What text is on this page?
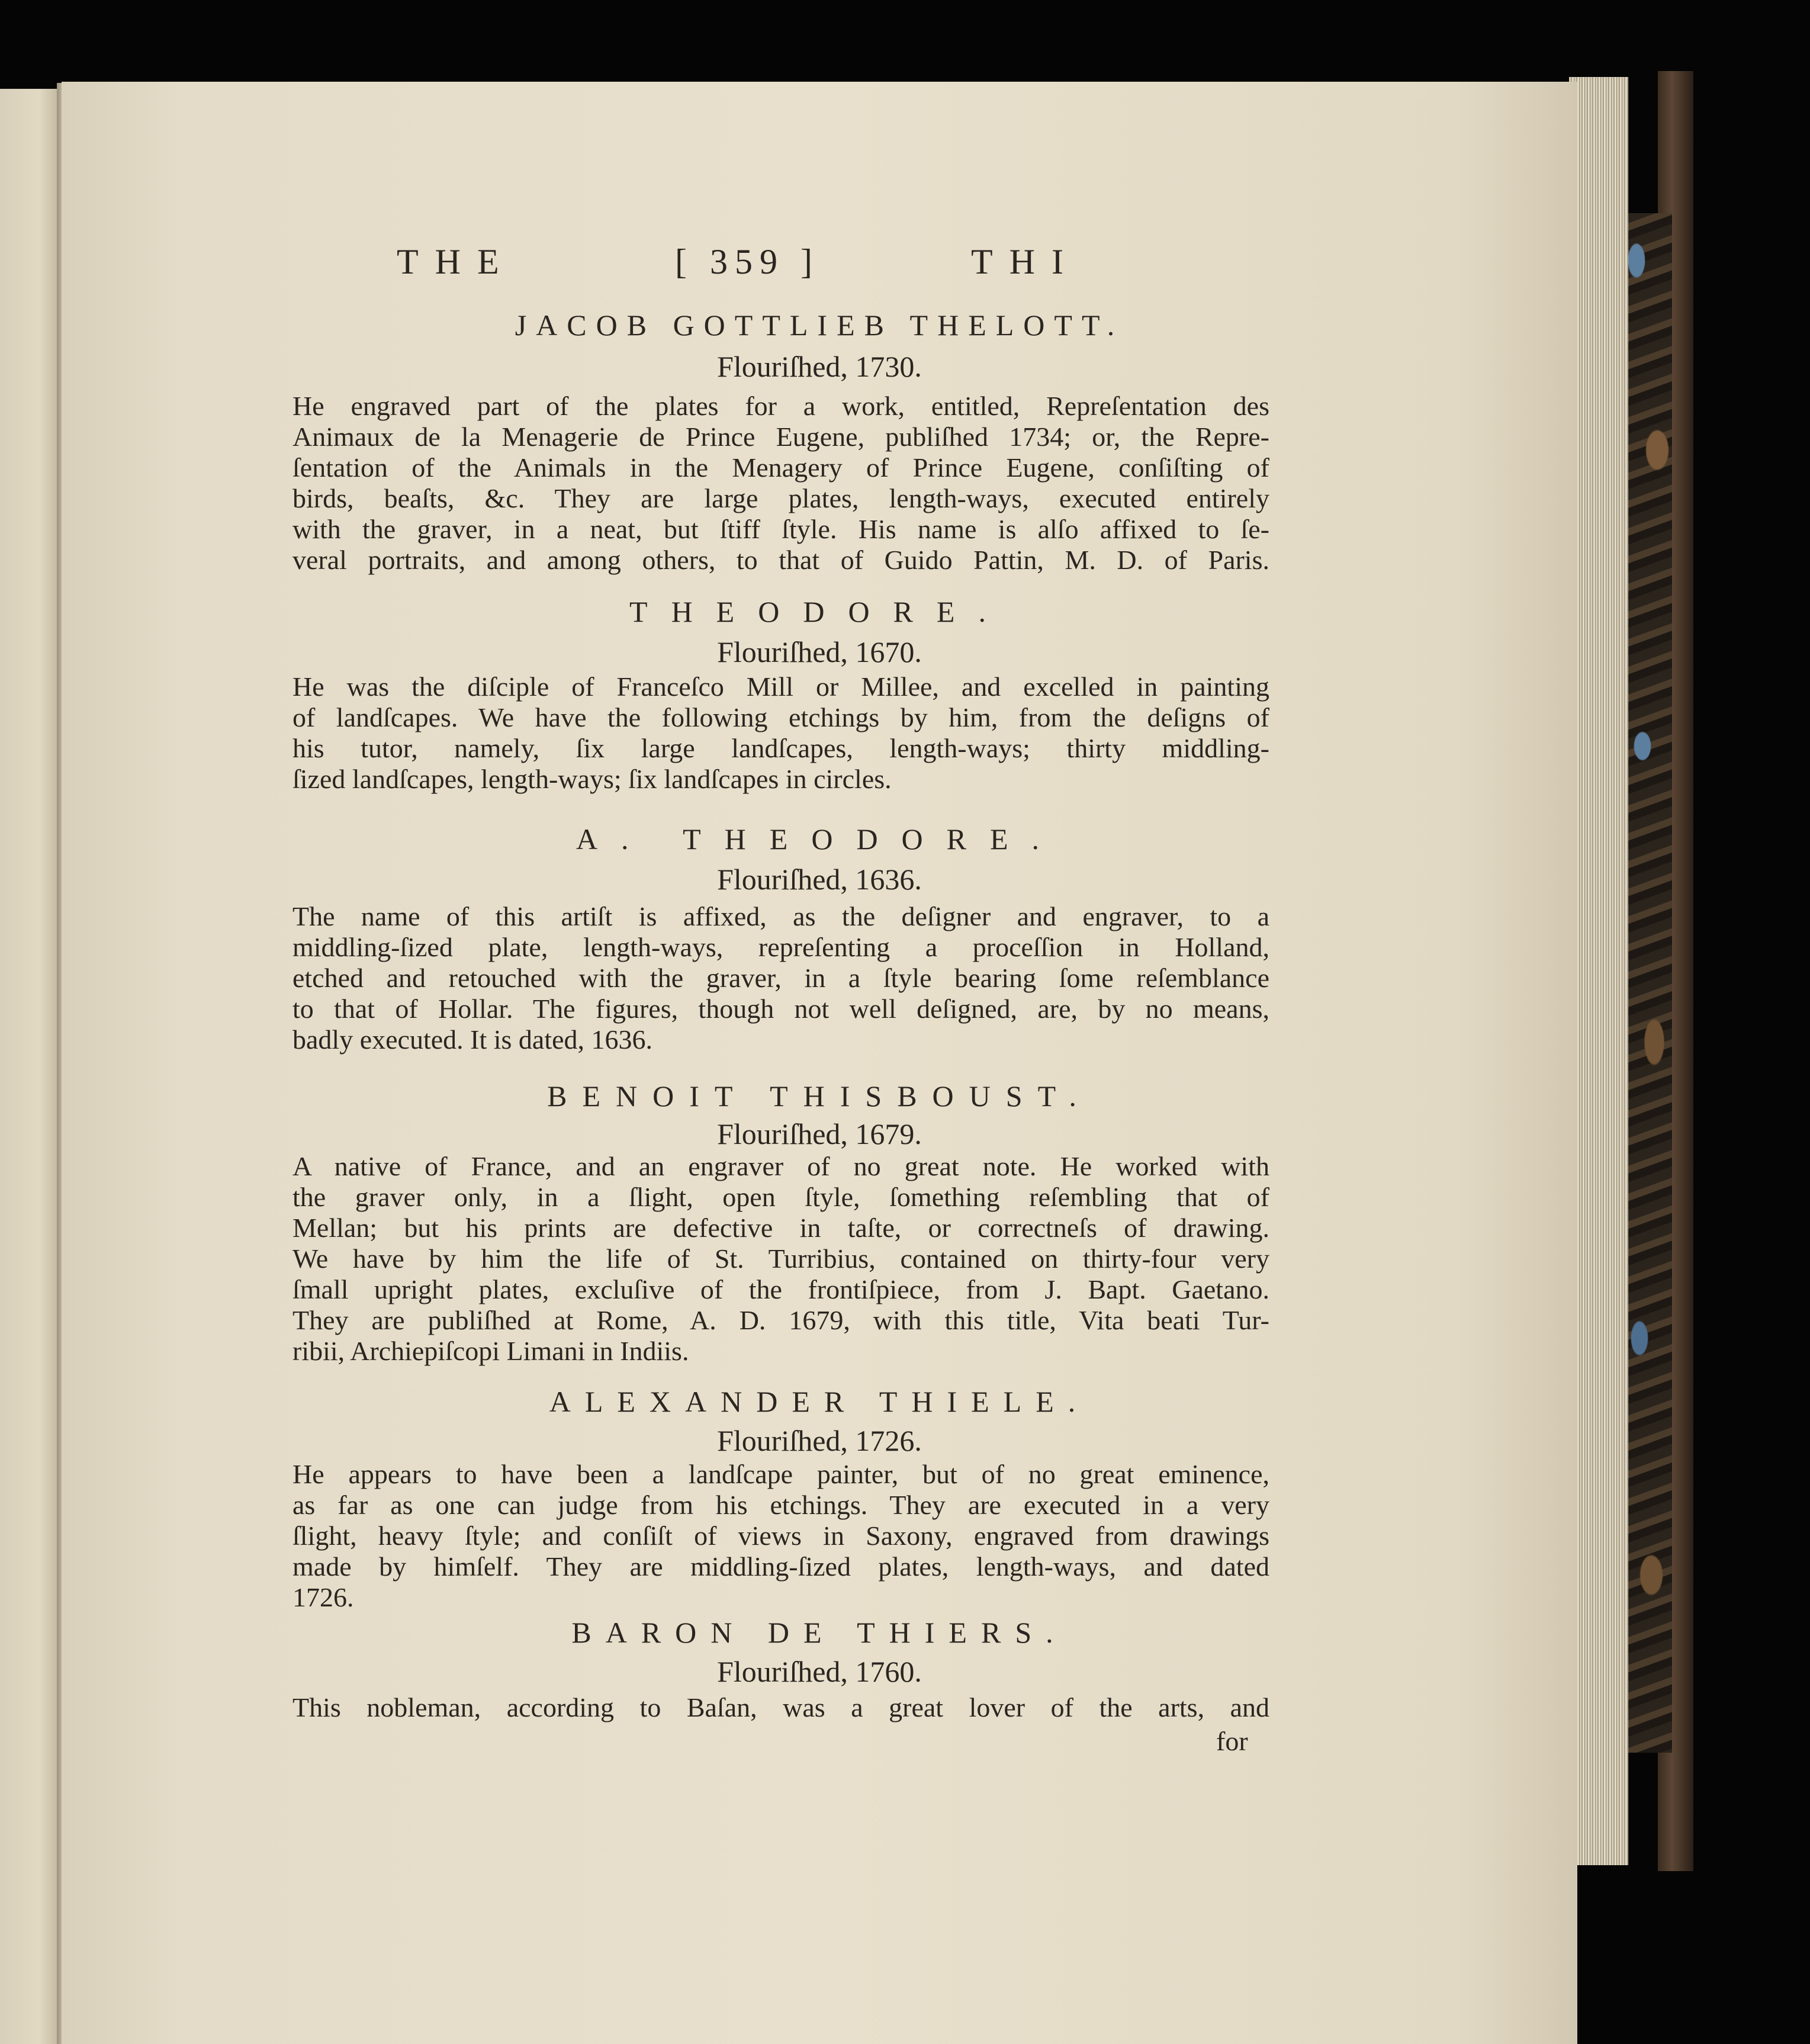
THE	[ 359 ]	THI
JACOB GOTTLIEB THELOTT.
Flouriſhed, 1730.
He engraved part of the plates for a work, entitled, Repreſentation des
Animaux de la Menagerie de Prince Eugene, publiſhed 1734; or, the Repre-
ſentation of the Animals in the Menagery of Prince Eugene, conſiſting of
birds, beaſts, &c. They are large plates, length-ways, executed entirely
with the graver, in a neat, but ſtiff ſtyle. His name is alſo affixed to ſe-
veral portraits, and among others, to that of Guido Pattin, M. D. of Paris.
THEODORE.
Flouriſhed, 1670.
He was the diſciple of Franceſco Mill or Millee, and excelled in painting
of landſcapes. We have the following etchings by him, from the deſigns of
his tutor, namely, ſix large landſcapes, length-ways; thirty middling-
ſized landſcapes, length-ways; ſix landſcapes in circles.
A. THEODORE.
Flouriſhed, 1636.
The name of this artiſt is affixed, as the deſigner and engraver, to a
middling-ſized plate, length-ways, repreſenting a proceſſion in Holland,
etched and retouched with the graver, in a ſtyle bearing ſome reſemblance
to that of Hollar. The figures, though not well deſigned, are, by no means,
badly executed. It is dated, 1636.
BENOIT THISBOUST.
Flouriſhed, 1679.
A native of France, and an engraver of no great note. He worked with
the graver only, in a ſlight, open ſtyle, ſomething reſembling that of
Mellan; but his prints are defective in taſte, or correctneſs of drawing.
We have by him the life of St. Turribius, contained on thirty-four very
ſmall upright plates, excluſive of the frontiſpiece, from J. Bapt. Gaetano.
They are publiſhed at Rome, A. D. 1679, with this title, Vita beati Tur-
ribii, Archiepiſcopi Limani in Indiis.
ALEXANDER THIELE.
Flouriſhed, 1726.
He appears to have been a landſcape painter, but of no great eminence,
as far as one can judge from his etchings. They are executed in a very
ſlight, heavy ſtyle; and conſiſt of views in Saxony, engraved from drawings
made by himſelf. They are middling-ſized plates, length-ways, and dated
1726.
BARON DE THIERS.
Flouriſhed, 1760.
This nobleman, according to Baſan, was a great lover of the arts, and
for
